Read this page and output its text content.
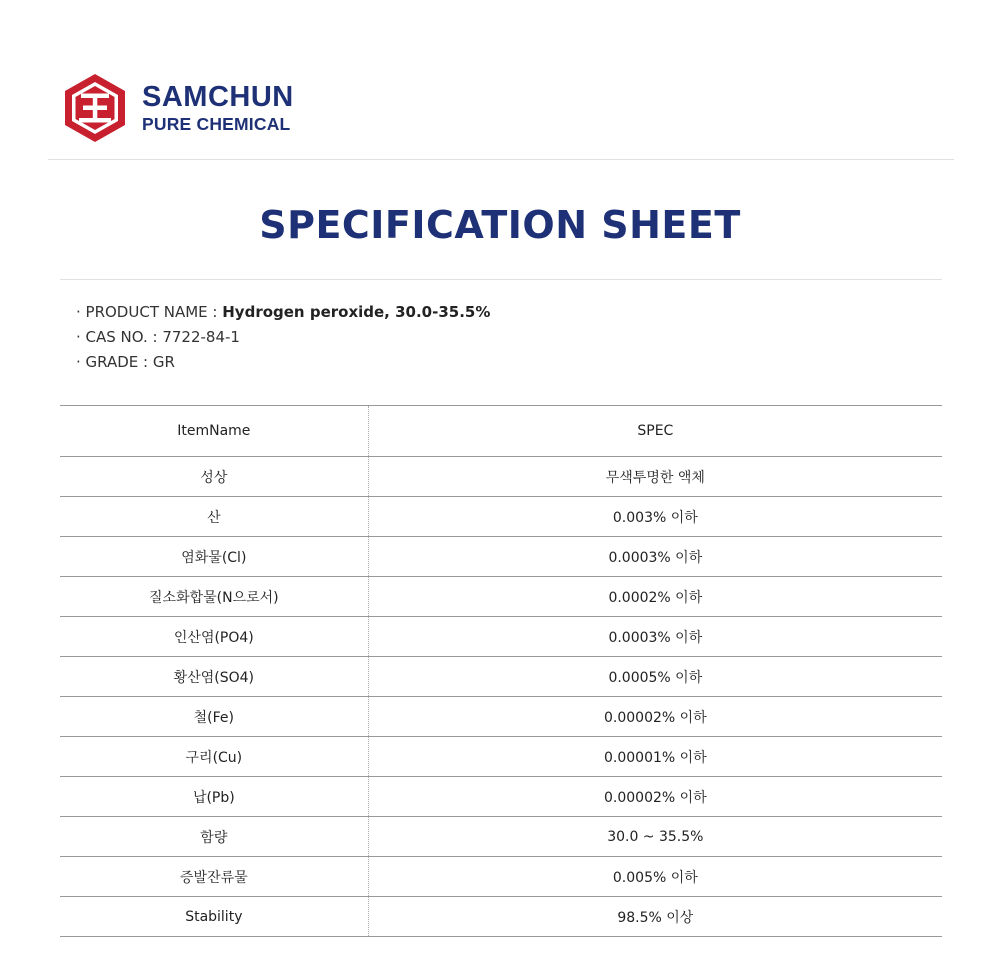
SAMCHUN
PURE CHEMICAL
SPECIFICATION SHEET
· PRODUCT NAME : Hydrogen peroxide, 30.0-35.5%
· CAS NO. : 7722-84-1
· GRADE : GR
ItemName	SPEC
성상	무색투명한 액체
산	0.003% 이하
염화물(Cl)	0.0003% 이하
질소화합물(N으로서)	0.0002% 이하
인산염(PO4)	0.0003% 이하
황산염(SO4)	0.0005% 이하
철(Fe)	0.00002% 이하
구리(Cu)	0.00001% 이하
납(Pb)	0.00002% 이하
함량	30.0 ~ 35.5%
증발잔류물	0.005% 이하
Stability	98.5% 이상
